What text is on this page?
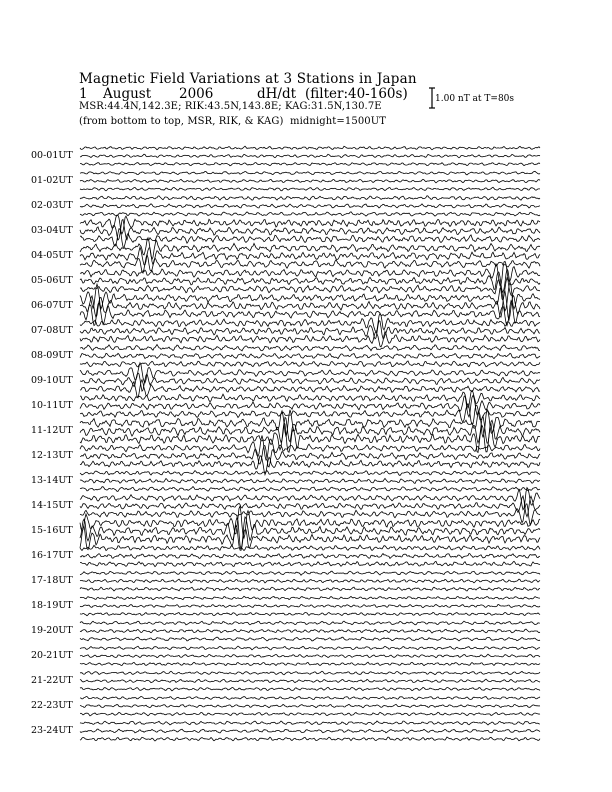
Magnetic Field Variations at 3 Stations in Japan

1

August

2006

	dH/dt

(filter:40-160s)

MSR:44.4N,142.3E; RIK:43.5N,143.8E; KAG:31.5N,130.7E
(from bottom to top, MSR, RIK, & KAG) midnight=1500UT
1.00 nT at T=80s
00-01UT
01-02UT
02-03UT
03-04UT
04-05UT
05-06UT
06-07UT
07-08UT
08-09UT
09-10UT
10-11UT
11-12UT
12-13UT
13-14UT
14-15UT
15-16UT
16-17UT
17-18UT
18-19UT
19-20UT
20-21UT
21-22UT
22-23UT
23-24UT
